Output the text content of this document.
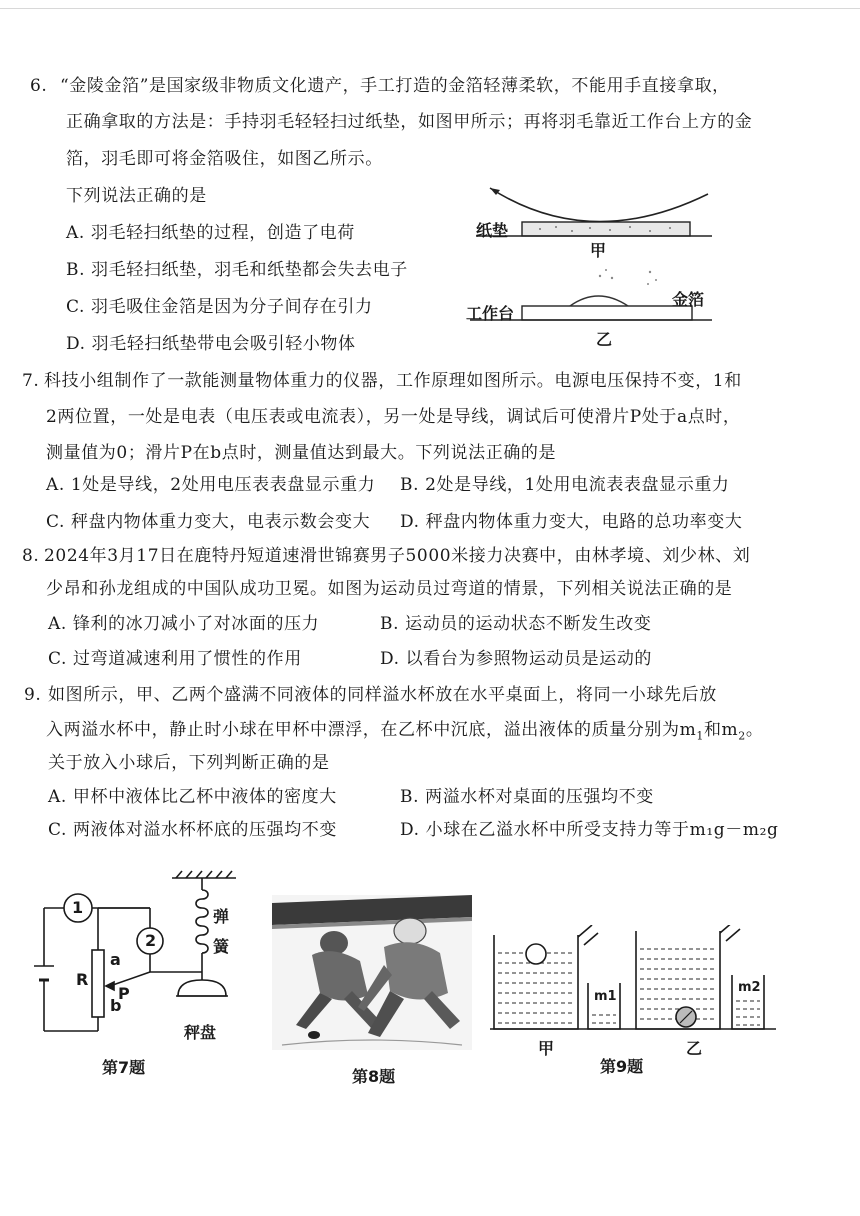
6. “金陵金箔”是国家级非物质文化遗产，手工打造的金箔轻薄柔软，不能用手直接拿取，
正确拿取的方法是：手持羽毛轻轻扫过纸垫，如图甲所示；再将羽毛靠近工作台上方的金
箔，羽毛即可将金箔吸住，如图乙所示。
下列说法正确的是
A. 羽毛轻扫纸垫的过程，创造了电荷
B. 羽毛轻扫纸垫，羽毛和纸垫都会失去电子
C. 羽毛吸住金箔是因为分子间存在引力
D. 羽毛轻扫纸垫带电会吸引轻小物体
纸垫
甲
工作台
金箔
乙
7. 科技小组制作了一款能测量物体重力的仪器，工作原理如图所示。电源电压保持不变，1和
2两位置，一处是电表（电压表或电流表），另一处是导线，调试后可使滑片P处于a点时，
测量值为0；滑片P在b点时，测量值达到最大。下列说法正确的是
A. 1处是导线，2处用电压表表盘显示重力 B. 2处是导线，1处用电流表表盘显示重力
C. 秤盘内物体重力变大，电表示数会变大 D. 秤盘内物体重力变大，电路的总功率变大
8. 2024年3月17日在鹿特丹短道速滑世锦赛男子5000米接力决赛中，由林孝境、刘少林、刘
少昂和孙龙组成的中国队成功卫冕。如图为运动员过弯道的情景，下列相关说法正确的是
A. 锋利的冰刀减小了对冰面的压力	B. 运动员的运动状态不断发生改变
C. 过弯道减速利用了惯性的作用	D. 以看台为参照物运动员是运动的
9. 如图所示，甲、乙两个盛满不同液体的同样溢水杯放在水平桌面上，将同一小球先后放
入两溢水杯中，静止时小球在甲杯中漂浮，在乙杯中沉底，溢出液体的质量分别为$m_1$和$m_2$。
关于放入小球后，下列判断正确的是
A. 甲杯中液体比乙杯中液体的密度大	B. 两溢水杯对桌面的压强均不变
C. 两液体对溢水杯杯底的压强均不变	D. 小球在乙溢水杯中所受支持力等于m₁g－m₂g
1
2
R
a
b
P
弹
簧
秤盘
第7题	第8题
m1
m2
甲	乙
第9题
